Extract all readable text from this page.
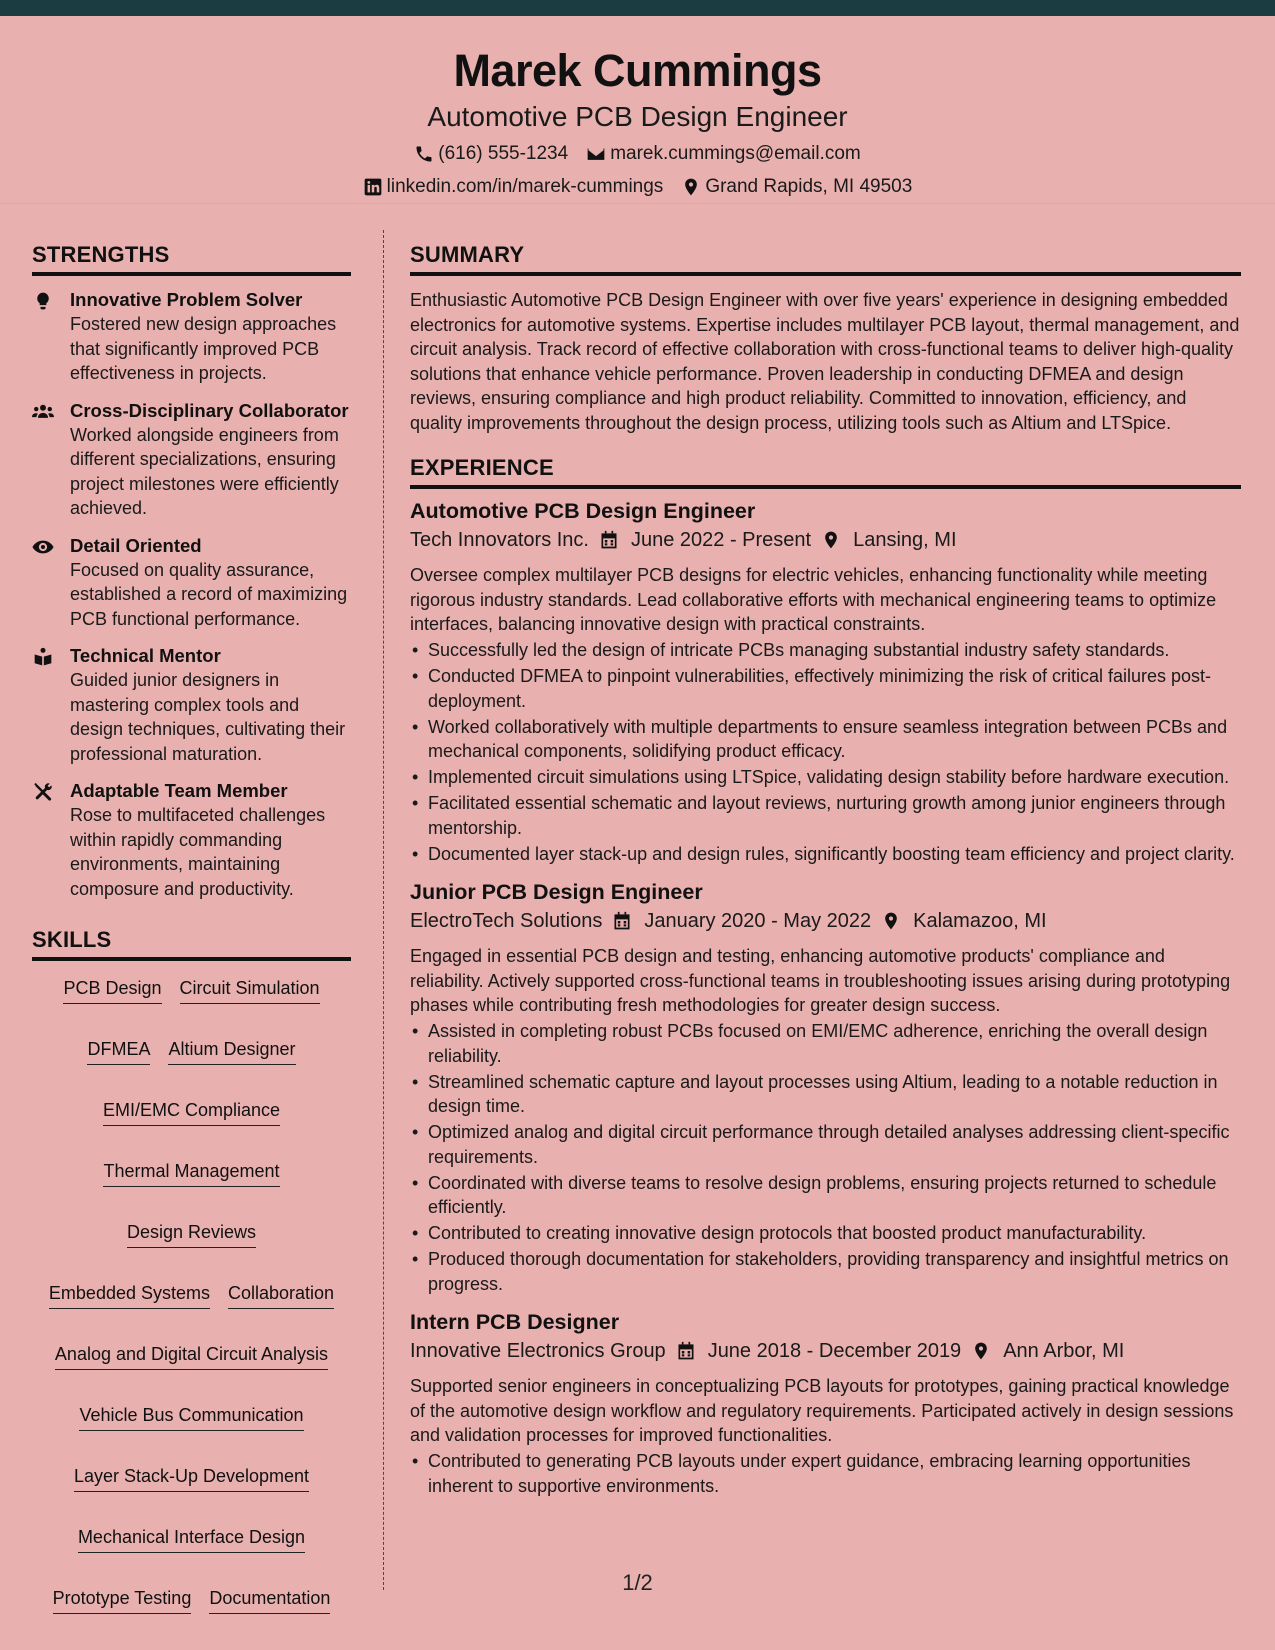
Marek Cummings
Automotive PCB Design Engineer
(616) 555-1234 marek.cummings@email.com
linkedin.com/in/marek-cummings Grand Rapids, MI 49503
STRENGTHS
Innovative Problem Solver
Fostered new design approaches that significantly improved PCB effectiveness in projects.
Cross-Disciplinary Collaborator
Worked alongside engineers from different specializations, ensuring project milestones were efficiently achieved.
Detail Oriented
Focused on quality assurance, established a record of maximizing PCB functional performance.
Technical Mentor
Guided junior designers in mastering complex tools and design techniques, cultivating their professional maturation.
Adaptable Team Member
Rose to multifaceted challenges within rapidly commanding environments, maintaining composure and productivity.
SKILLS
PCB Design Circuit Simulation
DFMEA Altium Designer
EMI/EMC Compliance
Thermal Management
Design Reviews
Embedded Systems Collaboration
Analog and Digital Circuit Analysis
Vehicle Bus Communication
Layer Stack-Up Development
Mechanical Interface Design
Prototype Testing Documentation
SUMMARY

Enthusiastic Automotive PCB Design Engineer with over five years' experience in designing embedded electronics for automotive systems. Expertise includes multilayer PCB layout, thermal management, and circuit analysis. Track record of effective collaboration with cross-functional teams to deliver high-quality solutions that enhance vehicle performance. Proven leadership in conducting DFMEA and design reviews, ensuring compliance and high product reliability. Committed to innovation, efficiency, and quality improvements throughout the design process, utilizing tools such as Altium and LTSpice.

EXPERIENCE
Automotive PCB Design Engineer
Tech Innovators Inc. June 2022 - Present Lansing, MI

Oversee complex multilayer PCB designs for electric vehicles, enhancing functionality while meeting rigorous industry standards. Lead collaborative efforts with mechanical engineering teams to optimize interfaces, balancing innovative design with practical constraints.

• Successfully led the design of intricate PCBs managing substantial industry safety standards.
• Conducted DFMEA to pinpoint vulnerabilities, effectively minimizing the risk of critical failures post-deployment.
• Worked collaboratively with multiple departments to ensure seamless integration between PCBs and mechanical components, solidifying product efficacy.
• Implemented circuit simulations using LTSpice, validating design stability before hardware execution.
• Facilitated essential schematic and layout reviews, nurturing growth among junior engineers through mentorship.
• Documented layer stack-up and design rules, significantly boosting team efficiency and project clarity.
Junior PCB Design Engineer
ElectroTech Solutions January 2020 - May 2022 Kalamazoo, MI

Engaged in essential PCB design and testing, enhancing automotive products' compliance and reliability. Actively supported cross-functional teams in troubleshooting issues arising during prototyping phases while contributing fresh methodologies for greater design success.

• Assisted in completing robust PCBs focused on EMI/EMC adherence, enriching the overall design reliability.
• Streamlined schematic capture and layout processes using Altium, leading to a notable reduction in design time.
• Optimized analog and digital circuit performance through detailed analyses addressing client-specific requirements.
• Coordinated with diverse teams to resolve design problems, ensuring projects returned to schedule efficiently.
• Contributed to creating innovative design protocols that boosted product manufacturability.
• Produced thorough documentation for stakeholders, providing transparency and insightful metrics on progress.
Intern PCB Designer
Innovative Electronics Group June 2018 - December 2019 Ann Arbor, MI

Supported senior engineers in conceptualizing PCB layouts for prototypes, gaining practical knowledge of the automotive design workflow and regulatory requirements. Participated actively in design sessions and validation processes for improved functionalities.

• Contributed to generating PCB layouts under expert guidance, embracing learning opportunities inherent to supportive environments.
1/2
